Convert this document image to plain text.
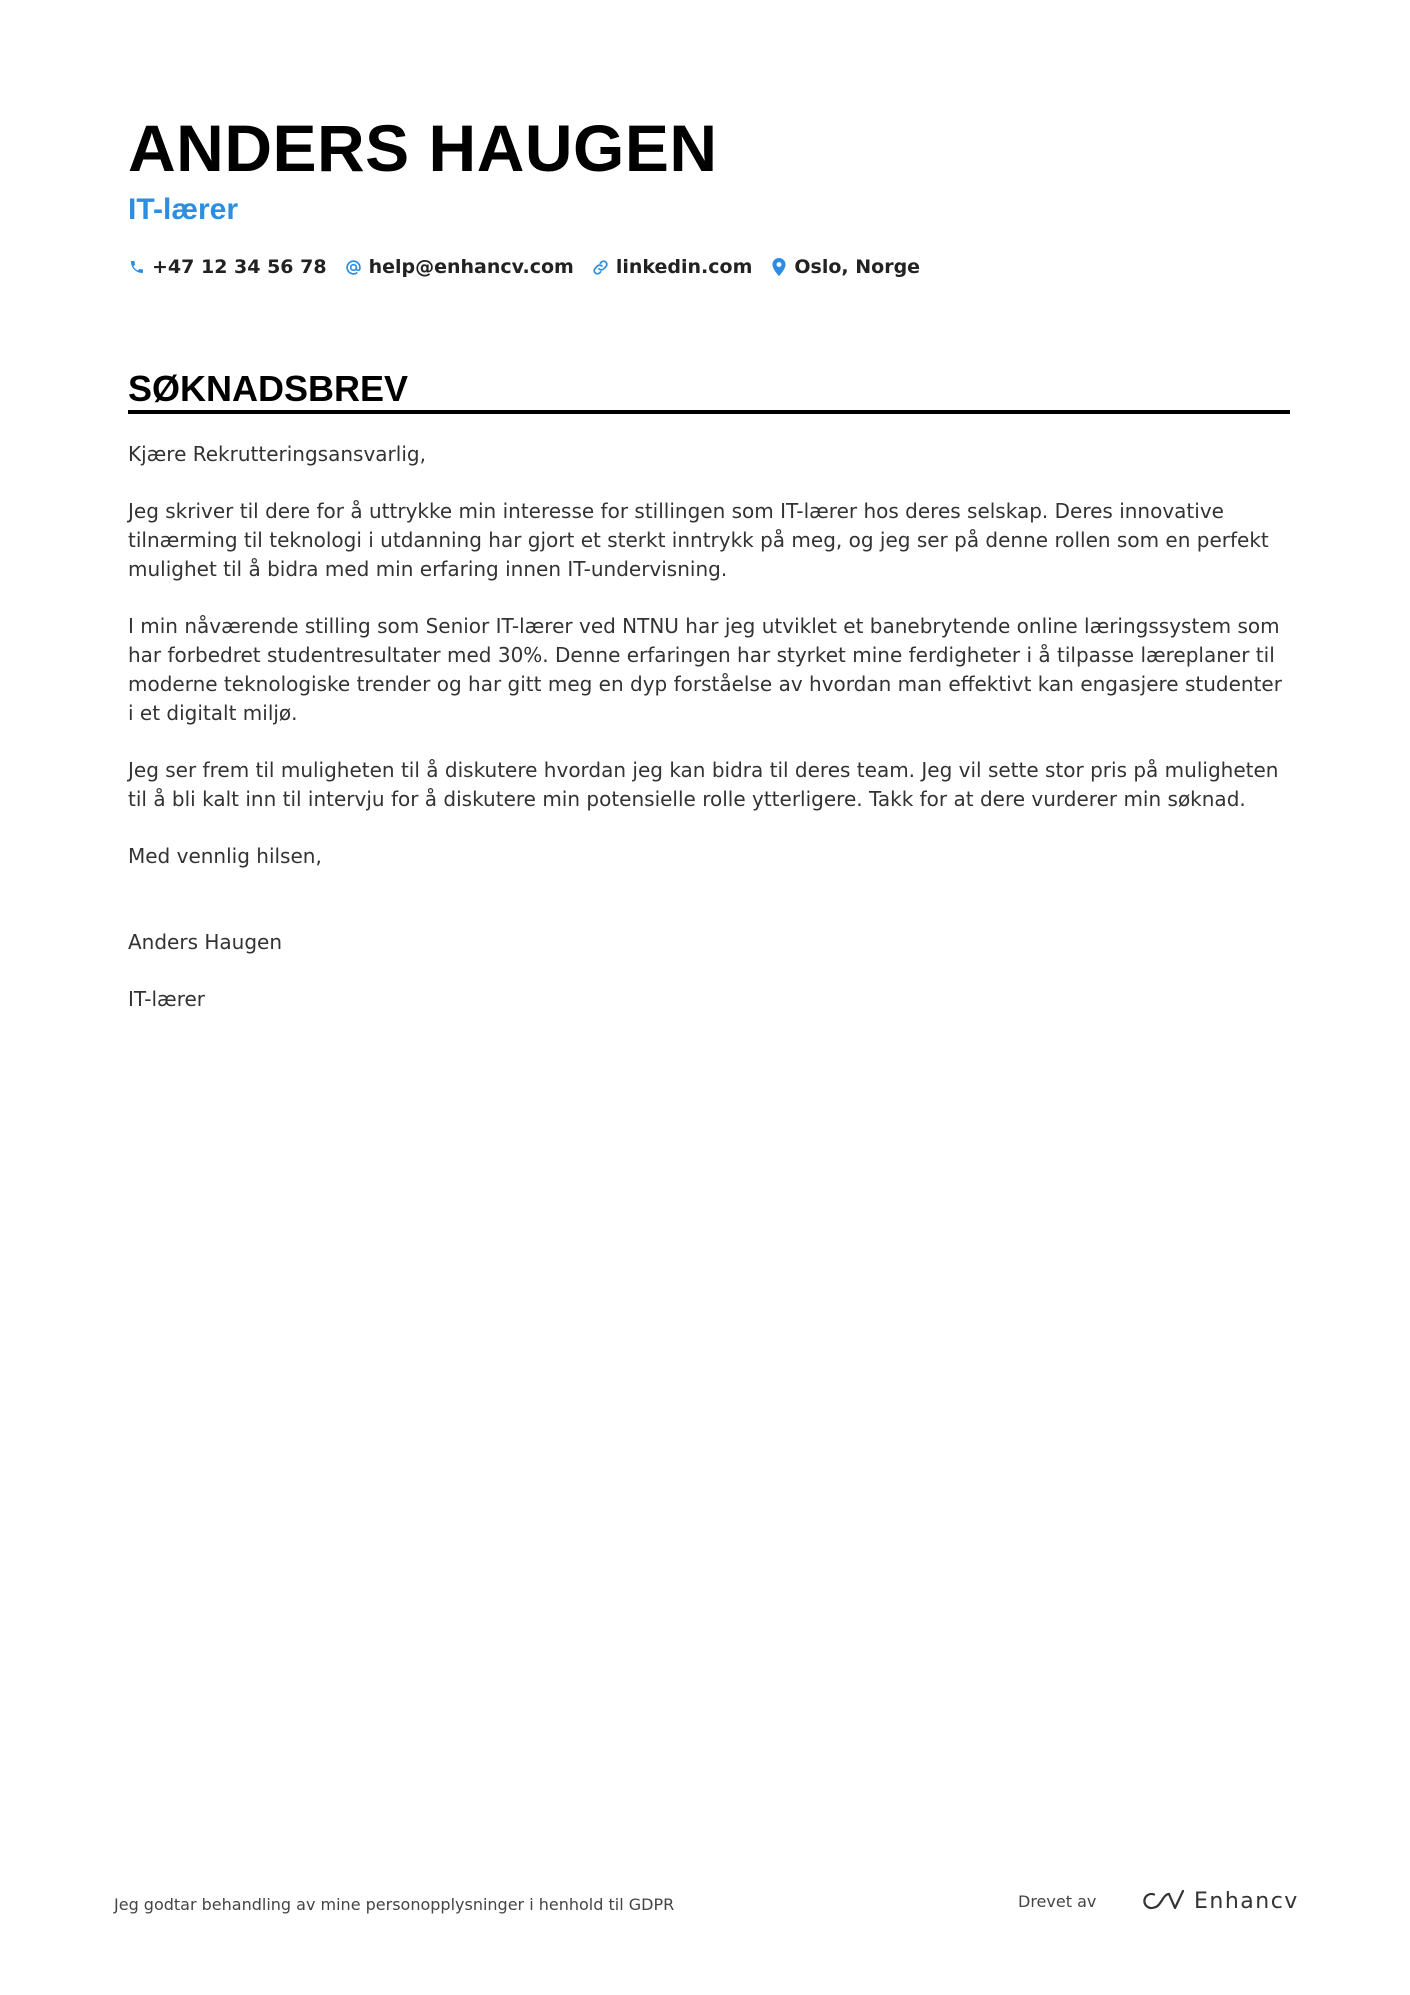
ANDERS HAUGEN
IT-lærer
+47 12 34 56 78 help@enhancv.com linkedin.com Oslo, Norge
SØKNADSBREV

Kjære Rekrutteringsansvarlig,

Jeg skriver til dere for å uttrykke min interesse for stillingen som IT-lærer hos deres selskap. Deres innovative tilnærming til teknologi i utdanning har gjort et sterkt inntrykk på meg, og jeg ser på denne rollen som en perfekt mulighet til å bidra med min erfaring innen IT-undervisning.

I min nåværende stilling som Senior IT-lærer ved NTNU har jeg utviklet et banebrytende online læringssystem som har forbedret studentresultater med 30%. Denne erfaringen har styrket mine ferdigheter i å tilpasse læreplaner til moderne teknologiske trender og har gitt meg en dyp forståelse av hvordan man effektivt kan engasjere studenter i et digitalt miljø.

Jeg ser frem til muligheten til å diskutere hvordan jeg kan bidra til deres team. Jeg vil sette stor pris på muligheten til å bli kalt inn til intervju for å diskutere min potensielle rolle ytterligere. Takk for at dere vurderer min søknad.

Med vennlig hilsen,

Anders Haugen

IT-lærer

Jeg godtar behandling av mine personopplysninger i henhold til GDPR	Drevet av	Enhancv
